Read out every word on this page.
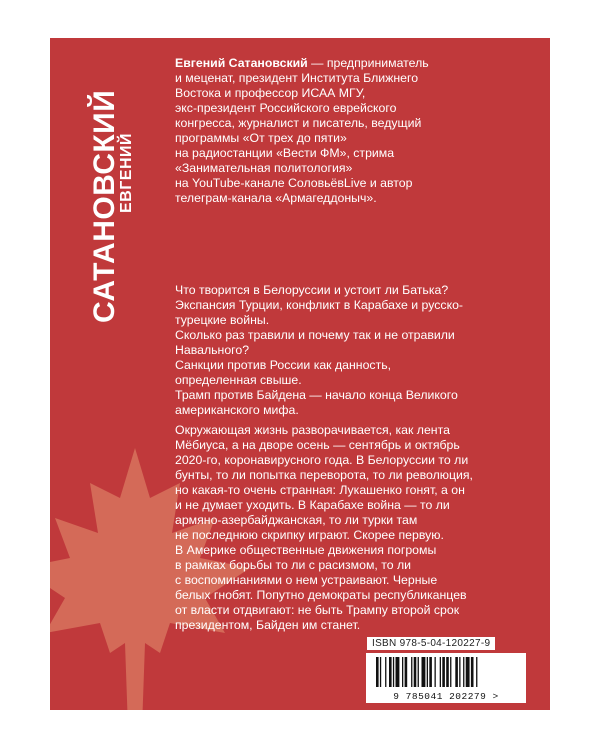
САТАНОВСКИЙ
ЕВГЕНИЙ

Евгений Сатановский — предприниматель
и меценат, президент Института Ближнего
Востока и профессор ИСАА МГУ,
экс-президент Российского еврейского
конгресса, журналист и писатель, ведущий
программы «От трех до пяти»
на радиостанции «Вести ФМ», стрима
«Занимательная политология»
на YouTube-канале СоловьёвLive и автор
телеграм-канала «Армагеддоныч».

Что творится в Белоруссии и устоит ли Батька?
Экспансия Турции, конфликт в Карабахе и русско-
турецкие войны.
Сколько раз травили и почему так и не отравили
Навального?
Санкции против России как данность,
определенная свыше.
Трамп против Байдена — начало конца Великого
американского мифа.

Окружающая жизнь разворачивается, как лента
Мёбиуса, а на дворе осень — сентябрь и октябрь
2020-го, коронавирусного года. В Белоруссии то ли
бунты, то ли попытка переворота, то ли революция,
но какая-то очень странная: Лукашенко гонят, а он
и не думает уходить. В Карабахе война — то ли
армяно-азербайджанская, то ли турки там
не последнюю скрипку играют. Скорее первую.
В Америке общественные движения погромы
в рамках борьбы то ли с расизмом, то ли
с воспоминаниями о нем устраивают. Черные
белых гнобят. Попутно демократы республиканцев
от власти отдвигают: не быть Трампу второй срок
президентом, Байден им станет.

ISBN 978-5-04-120227-9
9 785041 202279 >
